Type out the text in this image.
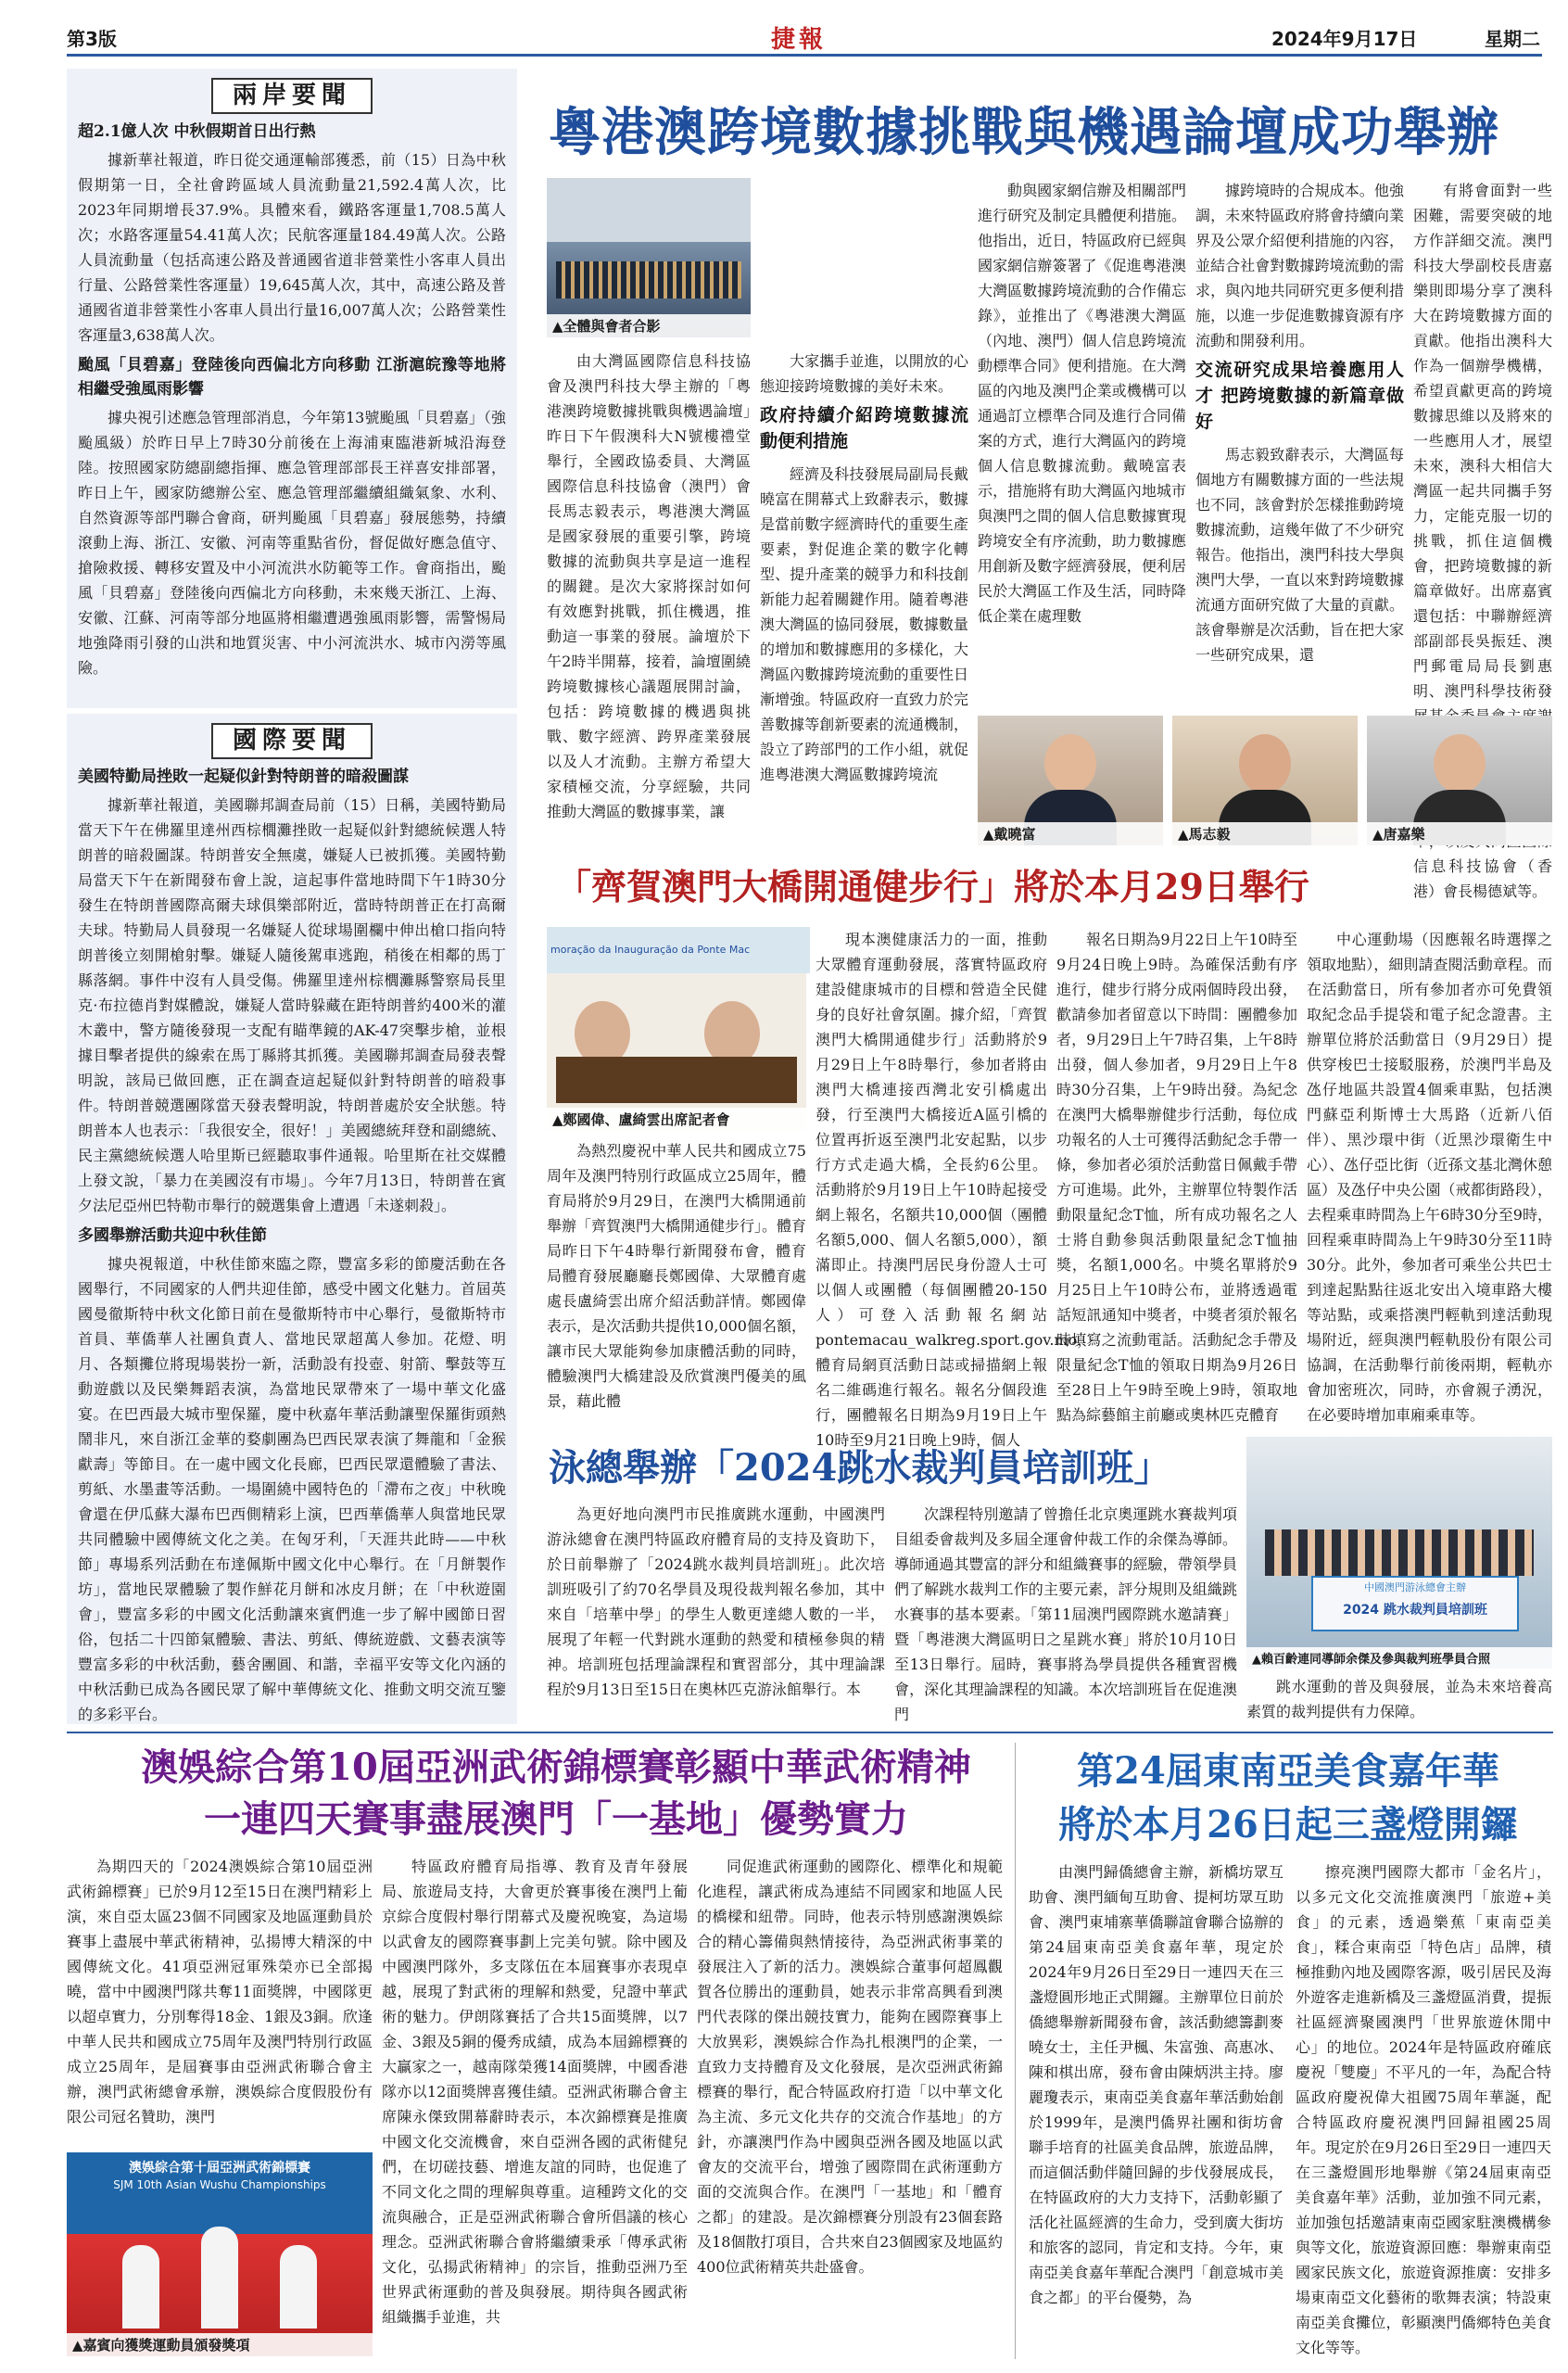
第3版	捷報	2024年9月17日	星期二
兩岸要聞
超2.1億人次 中秋假期首日出行熱

據新華社報道，昨日從交通運輸部獲悉，前（15）日為中秋假期第一日，全社會跨區域人員流動量21,592.4萬人次，比2023年同期增長37.9%。具體來看，鐵路客運量1,708.5萬人次；水路客運量54.41萬人次；民航客運量184.49萬人次。公路人員流動量（包括高速公路及普通國省道非營業性小客車人員出行量、公路營業性客運量）19,645萬人次，其中，高速公路及普通國省道非營業性小客車人員出行量16,007萬人次；公路營業性客運量3,638萬人次。

颱風「貝碧嘉」登陸後向西偏北方向移動 江浙滬皖豫等地將相繼受強風雨影響

據央視引述應急管理部消息，今年第13號颱風「貝碧嘉」（強颱風級）於昨日早上7時30分前後在上海浦東臨港新城沿海登陸。按照國家防總副總指揮、應急管理部部長王祥喜安排部署，昨日上午，國家防總辦公室、應急管理部繼續組織氣象、水利、自然資源等部門聯合會商，研判颱風「貝碧嘉」發展態勢，持續滾動上海、浙江、安徽、河南等重點省份，督促做好應急值守、搶險救援、轉移安置及中小河流洪水防範等工作。會商指出，颱風「貝碧嘉」登陸後向西偏北方向移動，未來幾天浙江、上海、安徽、江蘇、河南等部分地區將相繼遭遇強風雨影響，需警惕局地強降雨引發的山洪和地質災害、中小河流洪水、城市內澇等風險。

國際要聞
美國特勤局挫敗一起疑似針對特朗普的暗殺圖謀

據新華社報道，美國聯邦調查局前（15）日稱，美國特勤局當天下午在佛羅里達州西棕櫚灘挫敗一起疑似針對總統候選人特朗普的暗殺圖謀。特朗普安全無虞，嫌疑人已被抓獲。美國特勤局當天下午在新聞發布會上說，這起事件當地時間下午1時30分發生在特朗普國際高爾夫球俱樂部附近，當時特朗普正在打高爾夫球。特勤局人員發現一名嫌疑人從球場圍欄中伸出槍口指向特朗普後立刻開槍射擊。嫌疑人隨後駕車逃跑，稍後在相鄰的馬丁縣落網。事件中沒有人員受傷。佛羅里達州棕櫚灘縣警察局長里克·布拉德肖對媒體說，嫌疑人當時躲藏在距特朗普約400米的灌木叢中，警方隨後發現一支配有瞄準鏡的AK-47突擊步槍，並根據目擊者提供的線索在馬丁縣將其抓獲。美國聯邦調查局發表聲明說，該局已做回應，正在調查這起疑似針對特朗普的暗殺事件。特朗普競選團隊當天發表聲明說，特朗普處於安全狀態。特朗普本人也表示：「我很安全，很好！」美國總統拜登和副總統、民主黨總統候選人哈里斯已經聽取事件通報。哈里斯在社交媒體上發文說，「暴力在美國沒有市場」。今年7月13日，特朗普在賓夕法尼亞州巴特勒市舉行的競選集會上遭遇「未遂刺殺」。

多國舉辦活動共迎中秋佳節

據央視報道，中秋佳節來臨之際，豐富多彩的節慶活動在各國舉行，不同國家的人們共迎佳節，感受中國文化魅力。首屆英國曼徹斯特中秋文化節日前在曼徹斯特市中心舉行，曼徹斯特市首員、華僑華人社團負責人、當地民眾超萬人參加。花燈、明月、各類攤位將現場裝扮一新，活動設有投壺、射箭、擊鼓等互動遊戲以及民樂舞蹈表演，為當地民眾帶來了一場中華文化盛宴。在巴西最大城市聖保羅，慶中秋嘉年華活動讓聖保羅街頭熱鬧非凡，來自浙江金華的婺劇團為巴西民眾表演了舞龍和「金猴獻壽」等節目。在一處中國文化長廊，巴西民眾還體驗了書法、剪紙、水墨畫等活動。一場圍繞中國特色的「滯布之夜」中秋晚會還在伊瓜蘇大瀑布巴西側精彩上演，巴西華僑華人與當地民眾共同體驗中國傳統文化之美。在匈牙利，「天涯共此時——中秋節」專場系列活動在布達佩斯中國文化中心舉行。在「月餅製作坊」，當地民眾體驗了製作鮮花月餅和冰皮月餅；在「中秋遊園會」，豐富多彩的中國文化活動讓來賓們進一步了解中國節日習俗，包括二十四節氣體驗、書法、剪紙、傳統遊戲、文藝表演等豐富多彩的中秋活動，藝舍團圓、和諧，幸福平安等文化內涵的中秋活動已成為各國民眾了解中華傳統文化、推動文明交流互鑒的多彩平台。

粵港澳跨境數據挑戰與機遇論壇成功舉辦
▲全體與會者合影

由大灣區國際信息科技協會及澳門科技大學主辦的「粵港澳跨境數據挑戰與機遇論壇」昨日下午假澳科大N號樓禮堂舉行，全國政協委員、大灣區國際信息科技協會（澳門）會長馬志毅表示，粵港澳大灣區是國家發展的重要引擎，跨境數據的流動與共享是這一進程的關鍵。是次大家將探討如何有效應對挑戰，抓住機遇，推動這一事業的發展。論壇於下午2時半開幕，接着，論壇圍繞跨境數據核心議題展開討論，包括：跨境數據的機遇與挑戰、數字經濟、跨界產業發展以及人才流動。主辦方希望大家積極交流，分享經驗，共同推動大灣區的數據事業，讓

大家攜手並進，以開放的心態迎接跨境數據的美好未來。

政府持續介紹跨境數據流動便利措施

經濟及科技發展局副局長戴曉富在開幕式上致辭表示，數據是當前數字經濟時代的重要生產要素，對促進企業的數字化轉型、提升產業的競爭力和科技創新能力起着關鍵作用。隨着粵港澳大灣區的協同發展，數據數量的增加和數據應用的多樣化，大灣區內數據跨境流動的重要性日漸增強。特區政府一直致力於完善數據等創新要素的流通機制，設立了跨部門的工作小組，就促進粵港澳大灣區數據跨境流

動與國家網信辦及相關部門進行研究及制定具體便利措施。他指出，近日，特區政府已經與國家網信辦簽署了《促進粵港澳大灣區數據跨境流動的合作備忘錄》，並推出了《粵港澳大灣區（內地、澳門）個人信息跨境流動標準合同》便利措施。在大灣區的內地及澳門企業或機構可以通過訂立標準合同及進行合同備案的方式，進行大灣區內的跨境個人信息數據流動。戴曉富表示，措施將有助大灣區內地城市與澳門之間的個人信息數據實現跨境安全有序流動，助力數據應用創新及數字經濟發展，便利居民於大灣區工作及生活，同時降低企業在處理數

據跨境時的合規成本。他強調，未來特區政府將會持續向業界及公眾介紹便利措施的內容，並結合社會對數據跨境流動的需求，與內地共同研究更多便利措施，以進一步促進數據資源有序流動和開發利用。

交流研究成果培養應用人才 把跨境數據的新篇章做好

馬志毅致辭表示，大灣區每個地方有關數據方面的一些法規也不同，該會對於怎樣推動跨境數據流動，這幾年做了不少研究報告。他指出，澳門科技大學與澳門大學，一直以來對跨境數據流通方面研究做了大量的貢獻。該會舉辦是次活動，旨在把大家一些研究成果，還

有將會面對一些困難，需要突破的地方作詳細交流。澳門科技大學副校長唐嘉樂則即場分享了澳科大在跨境數據方面的貢獻。他指出澳科大作為一個辦學機構，希望貢獻更高的跨境數據思維以及將來的一些應用人才，展望未來，澳科大相信大灣區一起共同攜手努力，定能克服一切的挑戰，抓住這個機會，把跨境數據的新篇章做好。出席嘉賓還包括：中聯辦經濟部副部長吳振廷、澳門郵電局局長劉惠明、澳門科學技術發 信息科技協會（香港）會長楊德斌等。

▲戴曉富	▲馬志毅	▲唐嘉樂
「齊賀澳門大橋開通健步行」將於本月29日舉行
moração da Inauguração da Ponte Mac
▲鄭國偉、盧綺雲出席記者會

為熱烈慶祝中華人民共和國成立75周年及澳門特別行政區成立25周年，體育局將於9月29日，在澳門大橋開通前舉辦「齊賀澳門大橋開通健步行」。體育局昨日下午4時舉行新聞發布會，體育局體育發展廳廳長鄭國偉、大眾體育處處長盧綺雲出席介紹活動詳情。鄭國偉表示，是次活動共提供10,000個名額，讓市民大眾能夠參加康體活動的同時，體驗澳門大橋建設及欣賞澳門優美的風景，藉此體

現本澳健康活力的一面，推動大眾體育運動發展，落實特區政府建設健康城市的目標和營造全民健身的良好社會氛圍。據介紹，「齊賀澳門大橋開通健步行」活動將於9月29日上午8時舉行，參加者將由澳門大橋連接西灣北安引橋處出發，行至澳門大橋接近A區引橋的位置再折返至澳門北安起點，以步行方式走過大橋，全長約6公里。活動將於9月19日上午10時起接受網上報名，名額共10,000個（團體名額5,000、個人名額5,000），額滿即止。持澳門居民身份證人士可以個人或團體（每個團體20-150人）可登入活動報名網站pontemacau_walkreg.sport.gov.mo，體育局網頁活動日誌或掃描網上報名二維碼進行報名。報名分個段進行，團體報名日期為9月19日上午10時至9月21日晚上9時，個人

報名日期為9月22日上午10時至9月24日晚上9時。為確保活動有序進行，健步行將分成兩個時段出發，歡請參加者留意以下時間：團體參加者，9月29日上午7時召集，上午8時出發，個人參加者，9月29日上午8時30分召集，上午9時出發。為紀念在澳門大橋舉辦健步行活動，每位成功報名的人士可獲得活動紀念手帶一條，參加者必須於活動當日佩戴手帶方可進場。此外，主辦單位特製作活動限量紀念T恤，所有成功報名之人士將自動參與活動限量紀念T恤抽獎，名額1,000名。中獎名單將於9月25日上午10時公布，並將透過電話短訊通知中獎者，中獎者須於報名時填寫之流動電話。活動紀念手帶及限量紀念T恤的領取日期為9月26日至28日上午9時至晚上9時，領取地點為綜藝館主前廳或奧林匹克體育

中心運動場（因應報名時選擇之領取地點），細則請查閱活動章程。而在活動當日，所有參加者亦可免費領取紀念品手提袋和電子紀念證書。主辦單位將於活動當日（9月29日）提供穿梭巴士接駁服務，於澳門半島及氹仔地區共設置4個乘車點，包括澳門蘇亞利斯博士大馬路（近新八佰伴）、黑沙環中街（近黑沙環衛生中心）、氹仔亞比街（近孫文基北灣休憩區）及氹仔中央公園（戒都街路段），去程乘車時間為上午6時30分至9時，回程乘車時間為上午9時30分至11時30分。此外，參加者可乘坐公共巴士到達起點點往返北安出入境車路大樓等站點，或乘搭澳門輕軌到達活動現場附近，經與澳門輕軌股份有限公司協調，在活動舉行前後兩期，輕軌亦會加密班次，同時，亦會親子湧況，在必要時增加車廂乘車等。

泳總舉辦「2024跳水裁判員培訓班」
中國澳門游泳總會主辦
2024 跳水裁判員培訓班
▲賴百齡連同導師余傑及參與裁判班學員合照

為更好地向澳門市民推廣跳水運動，中國澳門游泳總會在澳門特區政府體育局的支持及資助下，於日前舉辦了「2024跳水裁判員培訓班」。此次培訓班吸引了約70名學員及現役裁判報名參加，其中來自「培華中學」的學生人數更達總人數的一半，展現了年輕一代對跳水運動的熱愛和積極參與的精神。培訓班包括理論課程和實習部分，其中理論課程於9月13日至15日在奧林匹克游泳館舉行。本

次課程特別邀請了曾擔任北京奧運跳水賽裁判項目組委會裁判及多屆全運會仲裁工作的余傑為導師。導師通過其豐富的評分和組織賽事的經驗，帶領學員們了解跳水裁判工作的主要元素，評分規則及組織跳水賽事的基本要素。「第11屆澳門國際跳水邀請賽」暨「粵港澳大灣區明日之星跳水賽」將於10月10日至13日舉行。屆時，賽事將為學員提供各種實習機會，深化其理論課程的知識。本次培訓班旨在促進澳門

跳水運動的普及與發展，並為未來培養高素質的裁判提供有力保障。

澳娛綜合第10屆亞洲武術錦標賽彰顯中華武術精神
一連四天賽事盡展澳門「一基地」優勢實力

為期四天的「2024澳娛綜合第10屆亞洲武術錦標賽」已於9月12至15日在澳門精彩上演，來自亞太區23個不同國家及地區運動員於賽事上盡展中華武術精神，弘揚博大精深的中國傳統文化。41項亞洲冠軍殊榮亦已全部揭曉，當中中國澳門隊共奪11面獎牌，中國隊更以超卓實力，分別奪得18金、1銀及3銅。欣逢中華人民共和國成立75周年及澳門特別行政區成立25周年，是屆賽事由亞洲武術聯合會主辦，澳門武術總會承辦，澳娛綜合度假股份有限公司冠名贊助，澳門

澳娛綜合第十屆亞洲武術錦標賽
SJM 10th Asian Wushu Championships
▲嘉賓向獲獎運動員頒發獎項

特區政府體育局指導、教育及青年發展局、旅遊局支持，大會更於賽事後在澳門上葡京綜合度假村舉行閉幕式及慶祝晚宴，為這場以武會友的國際賽事劃上完美句號。除中國及中國澳門隊外，多支隊伍在本屆賽事亦表現卓越，展現了對武術的理解和熱愛，兒證中華武術的魅力。伊朗隊賽括了合共15面獎牌，以7金、3銀及5銅的優秀成績，成為本屆錦標賽的大贏家之一，越南隊榮獲14面獎牌，中國香港隊亦以12面獎牌喜獲佳績。亞洲武術聯合會主席陳永傑致開幕辭時表示，本次錦標賽是推廣中國文化交流機會，來自亞洲各國的武術健兒們，在切磋技藝、增進友誼的同時，也促進了不同文化之間的理解與尊重。這種跨文化的交流與融合，正是亞洲武術聯合會所倡議的核心理念。亞洲武術聯合會將繼續秉承「傳承武術文化，弘揚武術精神」的宗旨，推動亞洲乃至世界武術運動的普及與發展。期待與各國武術組織攜手並進，共

同促進武術運動的國際化、標準化和規範化進程，讓武術成為連結不同國家和地區人民的橋樑和紐帶。同時，他表示特別感謝澳娛綜合的精心籌備與熱情接待，為亞洲武術事業的發展注入了新的活力。澳娛綜合董事何超鳳觀賀各位勝出的運動員，她表示非常高興看到澳門代表隊的傑出競技實力，能夠在國際賽事上大放異彩，澳娛綜合作為扎根澳門的企業，一直致力支持體育及文化發展，是次亞洲武術錦標賽的舉行，配合特區政府打造「以中華文化為主流、多元文化共存的交流合作基地」的方針，亦讓澳門作為中國與亞洲各國及地區以武會友的交流平台，增強了國際間在武術運動方面的交流與合作。在澳門「一基地」和「體育之都」的建設。是次錦標賽分別設有23個套路及18個散打項目，合共來自23個國家及地區約400位武術精英共赴盛會。

第24屆東南亞美食嘉年華
將於本月26日起三盞燈開鑼

由澳門歸僑總會主辦，新橋坊眾互助會、澳門緬甸互助會、提柯坊眾互助會、澳門東埔寨華僑聯誼會聯合協辦的第24屆東南亞美食嘉年華，現定於2024年9月26日至29日一連四天在三盞燈圓形地正式開鑼。主辦單位日前於僑總舉辦新聞發布會，該活動總籌劃麥曉女士，主任尹楓、朱富強、高惠冰、陳和棋出席，發布會由陳炳洪主持。廖麗瓊表示，東南亞美食嘉年華活動始創於1999年，是澳門僑界社團和街坊會聯手培育的社區美食品牌，旅遊品牌，而這個活動伴隨回歸的步伐發展成長，在特區政府的大力支持下，活動彰顯了活化社區經濟的生命力，受到廣大街坊和旅客的認同，肯定和支持。今年，東南亞美食嘉年華配合澳門「創意城市美食之都」的平台優勢，為

擦亮澳門國際大都市「金名片」，以多元文化交流推廣澳門「旅遊+美食」的元素，透過樂蕉「東南亞美食」，糅合東南亞「特色店」品牌，積極推動內地及國際客源，吸引居民及海外遊客走進新橋及三盞燈區消費，提振社區經濟聚國澳門「世界旅遊休閒中心」的地位。2024年是特區政府確底慶祝「雙慶」不平凡的一年，為配合特區政府慶祝偉大祖國75周年華誕，配合特區政府慶祝澳門回歸祖國25周年。現定於在9月26日至29日一連四天在三盞燈圓形地舉辦《第24屆東南亞美食嘉年華》活動，並加強不同元素，並加強包括邀請東南亞國家駐澳機構參與等文化，旅遊資源回應：舉辦東南亞國家民族文化，旅遊資源推廣：安排多場東南亞文化藝術的歌舞表演；特設東南亞美食攤位，彰顯澳門僑鄉特色美食文化等等。
